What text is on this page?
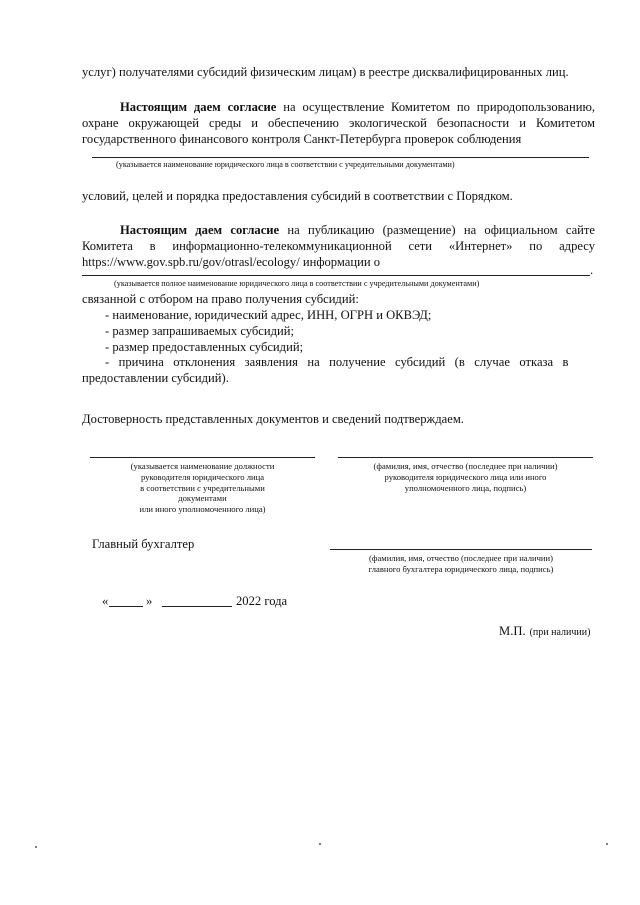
услуг) получателями субсидий физическим лицам) в реестре дисквалифицированных лиц.
Настоящим даем согласие на осуществление Комитетом по природопользованию,
охране окружающей среды и обеспечению экологической безопасности и Комитетом
государственного финансового контроля Санкт-Петербурга проверок соблюдения
(указывается наименование юридического лица в соответствии с учредительными документами)
условий, целей и порядка предоставления субсидий в соответствии с Порядком.
Настоящим даем согласие на публикацию (размещение) на официальном сайте
Комитета в информационно-телекоммуникационной сети «Интернет» по адресу
https://www.gov.spb.ru/gov/otrasl/ecology/ информации о
.
(указывается полное наименование юридического лица в соответствии с учредительными документами)
связанной с отбором на право получения субсидий:
- наименование, юридический адрес, ИНН, ОГРН и ОКВЭД;
- размер запрашиваемых субсидий;
- размер предоставленных субсидий;
-   причина   отклонения   заявления   на   получение   субсидий   (в   случае   отказа   в
предоставлении субсидий).
Достоверность представленных документов и сведений подтверждаем.
(указывается наименование должности
руководителя юридического лица
в соответствии с учредительными
документами
или иного уполномоченного лица)
(фамилия, имя, отчество (последнее при наличии)
руководителя юридического лица или иного
уполномоченного лица, подпись)
Главный бухгалтер
(фамилия, имя, отчество (последнее при наличии)
главного бухгалтера юридического лица, подпись)
«	»	2022 года
М.П. (при наличии)
